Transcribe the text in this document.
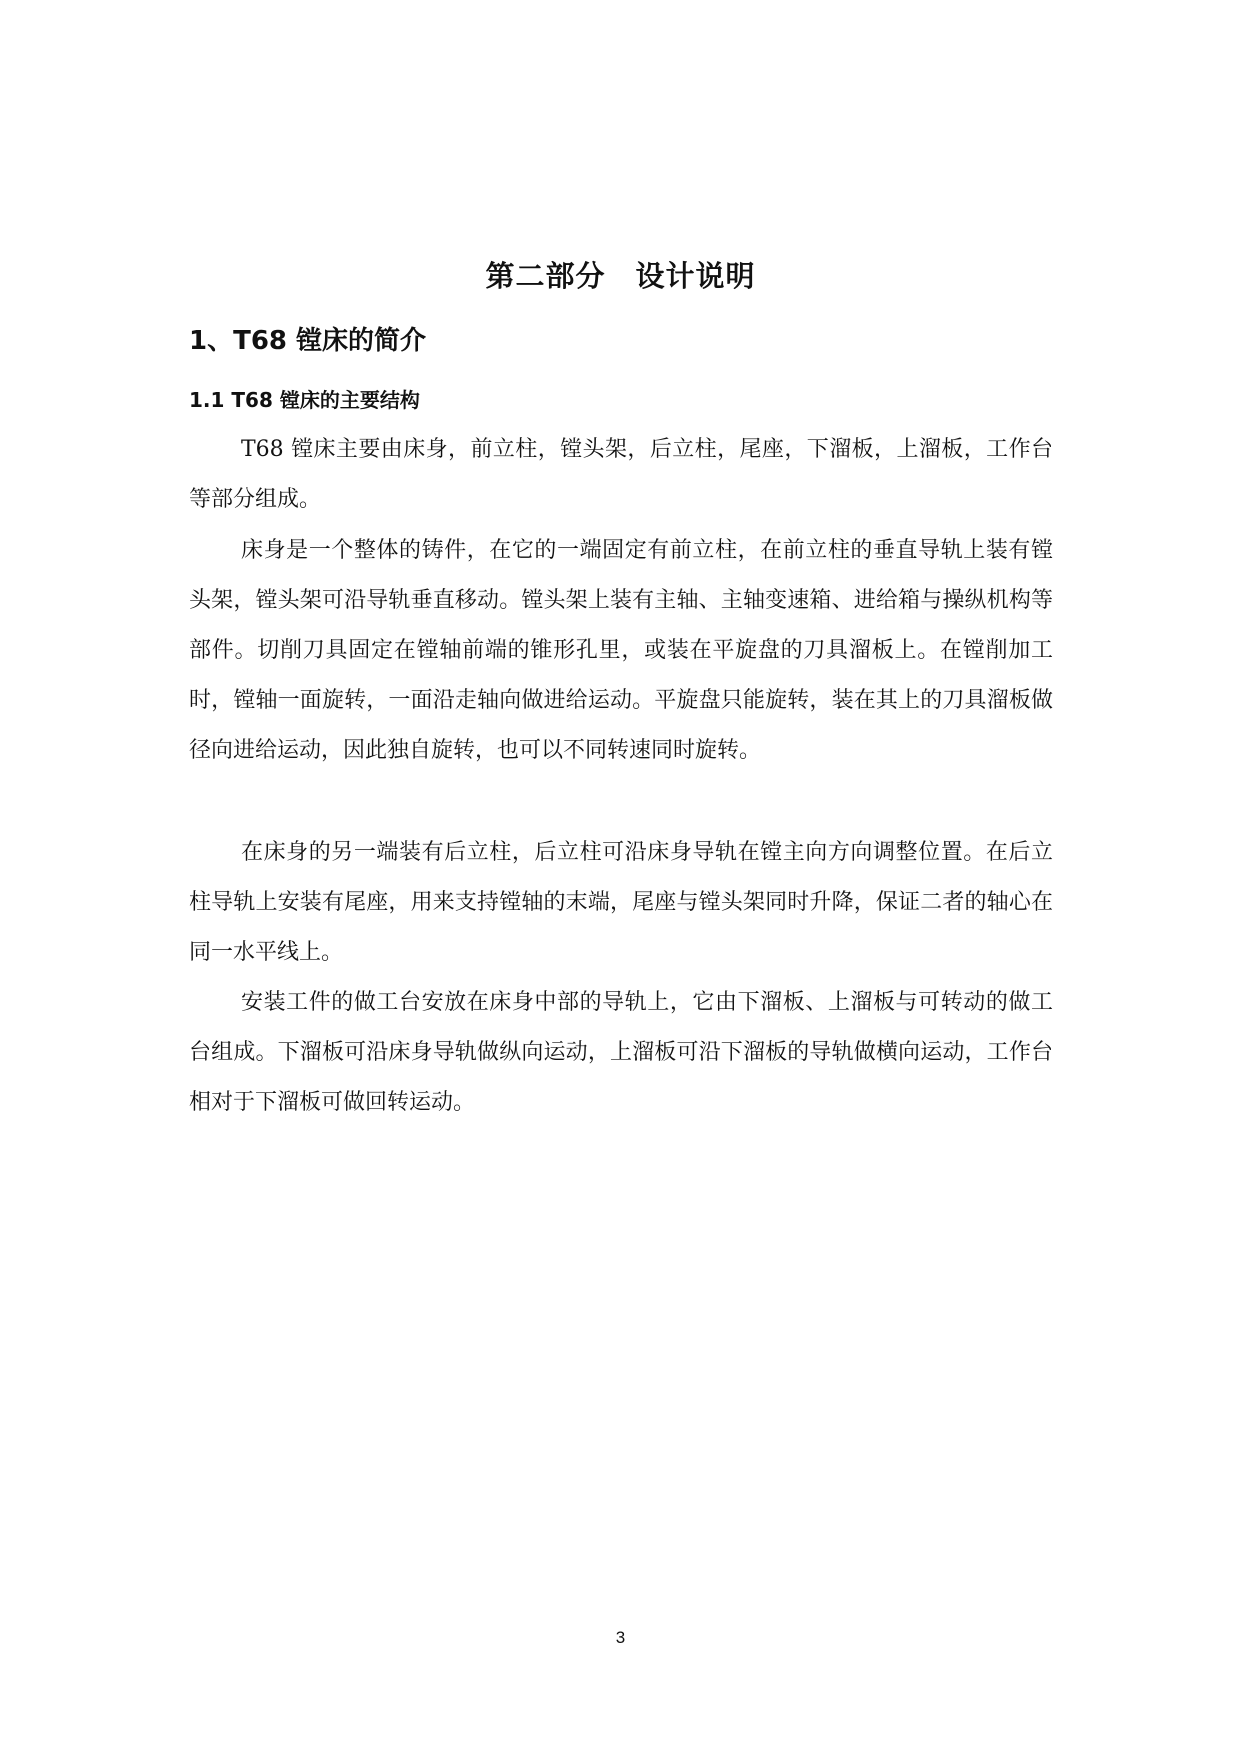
第二部分 设计说明
1、T68 镗床的简介
1.1 T68 镗床的主要结构

T68 镗床主要由床身，前立柱，镗头架，后立柱，尾座，下溜板，上溜板，工作台等部分组成。

床身是一个整体的铸件，在它的一端固定有前立柱，在前立柱的垂直导轨上装有镗头架，镗头架可沿导轨垂直移动。镗头架上装有主轴、主轴变速箱、进给箱与操纵机构等部件。切削刀具固定在镗轴前端的锥形孔里，或装在平旋盘的刀具溜板上。在镗削加工时，镗轴一面旋转，一面沿走轴向做进给运动。平旋盘只能旋转，装在其上的刀具溜板做径向进给运动，因此独自旋转，也可以不同转速同时旋转。

在床身的另一端装有后立柱，后立柱可沿床身导轨在镗主向方向调整位置。在后立柱导轨上安装有尾座，用来支持镗轴的末端，尾座与镗头架同时升降，保证二者的轴心在同一水平线上。

安装工件的做工台安放在床身中部的导轨上，它由下溜板、上溜板与可转动的做工台组成。下溜板可沿床身导轨做纵向运动，上溜板可沿下溜板的导轨做横向运动，工作台相对于下溜板可做回转运动。

3
